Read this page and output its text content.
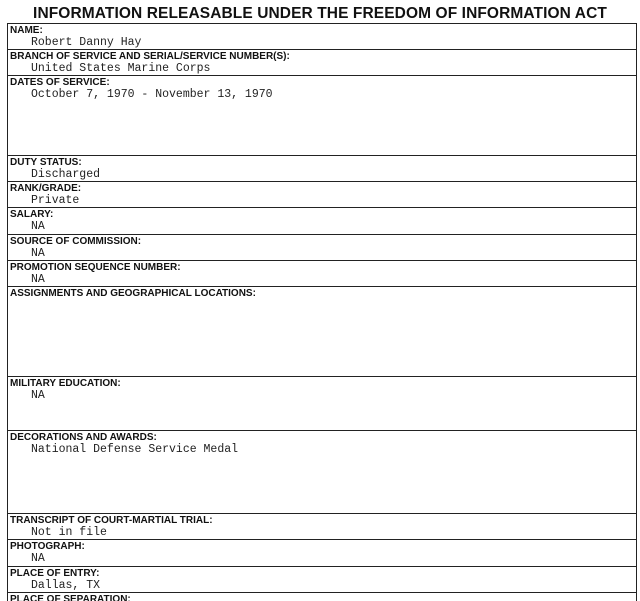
INFORMATION RELEASABLE UNDER THE FREEDOM OF INFORMATION ACT
NAME:
Robert Danny Hay
BRANCH OF SERVICE AND SERIAL/SERVICE NUMBER(S):
United States Marine Corps
DATES OF SERVICE:
October 7, 1970 - November 13, 1970
DUTY STATUS:
Discharged
RANK/GRADE:
Private
SALARY:
NA
SOURCE OF COMMISSION:
NA
PROMOTION SEQUENCE NUMBER:
NA
ASSIGNMENTS AND GEOGRAPHICAL LOCATIONS:
MILITARY EDUCATION:
NA
DECORATIONS AND AWARDS:
National Defense Service Medal
TRANSCRIPT OF COURT-MARTIAL TRIAL:
Not in file
PHOTOGRAPH:
NA
PLACE OF ENTRY:
Dallas, TX
PLACE OF SEPARATION:
